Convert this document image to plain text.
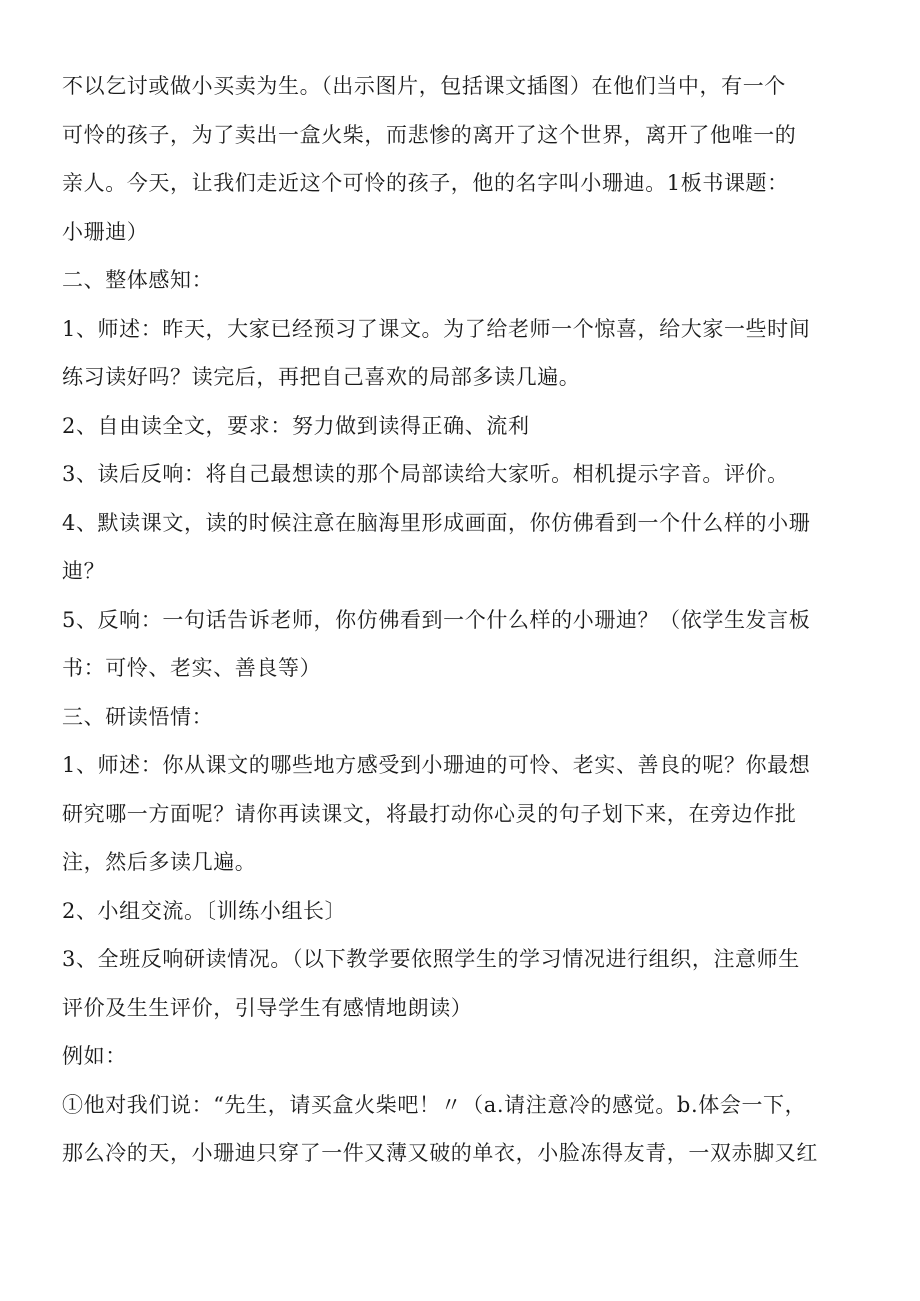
不以乞讨或做小买卖为生。（出示图片，包括课文插图）在他们当中，有一个
可怜的孩子，为了卖出一盒火柴，而悲惨的离开了这个世界，离开了他唯一的
亲人。今天，让我们走近这个可怜的孩子，他的名字叫小珊迪。1板书课题：
小珊迪）
二、整体感知：
1、师述：昨天，大家已经预习了课文。为了给老师一个惊喜，给大家一些时间
练习读好吗？读完后，再把自己喜欢的局部多读几遍。
2、自由读全文，要求：努力做到读得正确、流利
3、读后反响：将自己最想读的那个局部读给大家听。相机提示字音。评价。
4、默读课文，读的时候注意在脑海里形成画面，你仿佛看到一个什么样的小珊
迪？
5、反响：一句话告诉老师，你仿佛看到一个什么样的小珊迪？（依学生发言板
书：可怜、老实、善良等）
三、研读悟情：
1、师述：你从课文的哪些地方感受到小珊迪的可怜、老实、善良的呢？你最想
研究哪一方面呢？请你再读课文，将最打动你心灵的句子划下来，在旁边作批
注，然后多读几遍。
2、小组交流。〔训练小组长〕
3、全班反响研读情况。（以下教学要依照学生的学习情况进行组织，注意师生
评价及生生评价，引导学生有感情地朗读）
例如：
①他对我们说：“先生，请买盒火柴吧！〃（a.请注意冷的感觉。b.体会一下，
那么冷的天，小珊迪只穿了一件又薄又破的单衣，小脸冻得友青，一双赤脚又红
